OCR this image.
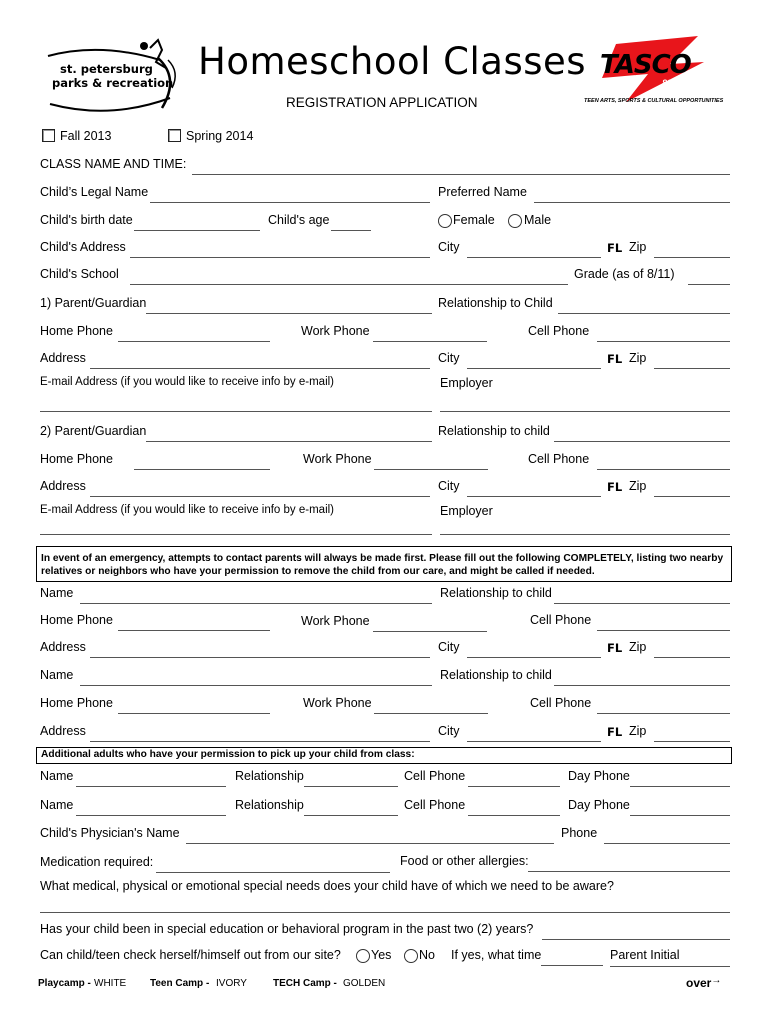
st. petersburg
parks & recreation Homeschool Classes
REGISTRATION APPLICATION
TASCO
892-5060
TEEN ARTS, SPORTS & CULTURAL OPPORTUNITIES
Fall 2013	Spring 2014
CLASS NAME AND TIME:
Child’s Legal Name	Preferred Name
Child's birth date	Child's age	Female Male
Child's Address	City	FL Zip
Child's School	Grade (as of 8/11)
1) Parent/Guardian	Relationship to Child
Home Phone	Work Phone	Cell Phone
Address	City	FL Zip
E-mail Address (if you would like to receive info by e-mail)	Employer
2) Parent/Guardian	Relationship to child
Home Phone	Work Phone	Cell Phone
Address	City	FL Zip
E-mail Address (if you would like to receive info by e-mail)	Employer
In event of an emergency, attempts to contact parents will always be made first. Please fill out the following COMPLETELY, listing two nearby relatives or neighbors who have your permission to remove the child from our care, and might be called if needed.
Name	Relationship to child
Home Phone	Work Phone	Cell Phone
Address	City	FL Zip
Name	Relationship to child
Home Phone	Work Phone	Cell Phone
Address	City	FL Zip
Additional adults who have your permission to pick up your child from class:
Name	Relationship	Cell Phone	Day Phone
Name	Relationship	Cell Phone	Day Phone
Child's Physician's Name	Phone
Medication required:	Food or other allergies:
What medical, physical or emotional special needs does your child have of which we need to be aware?
Has your child been in special education or behavioral program in the past two (2) years?
Can child/teen check herself/himself out from our site? Yes No If yes, what time	Parent Initial
Playcamp - WHITE Teen Camp - IVORY	TECH Camp - GOLDEN	over→
